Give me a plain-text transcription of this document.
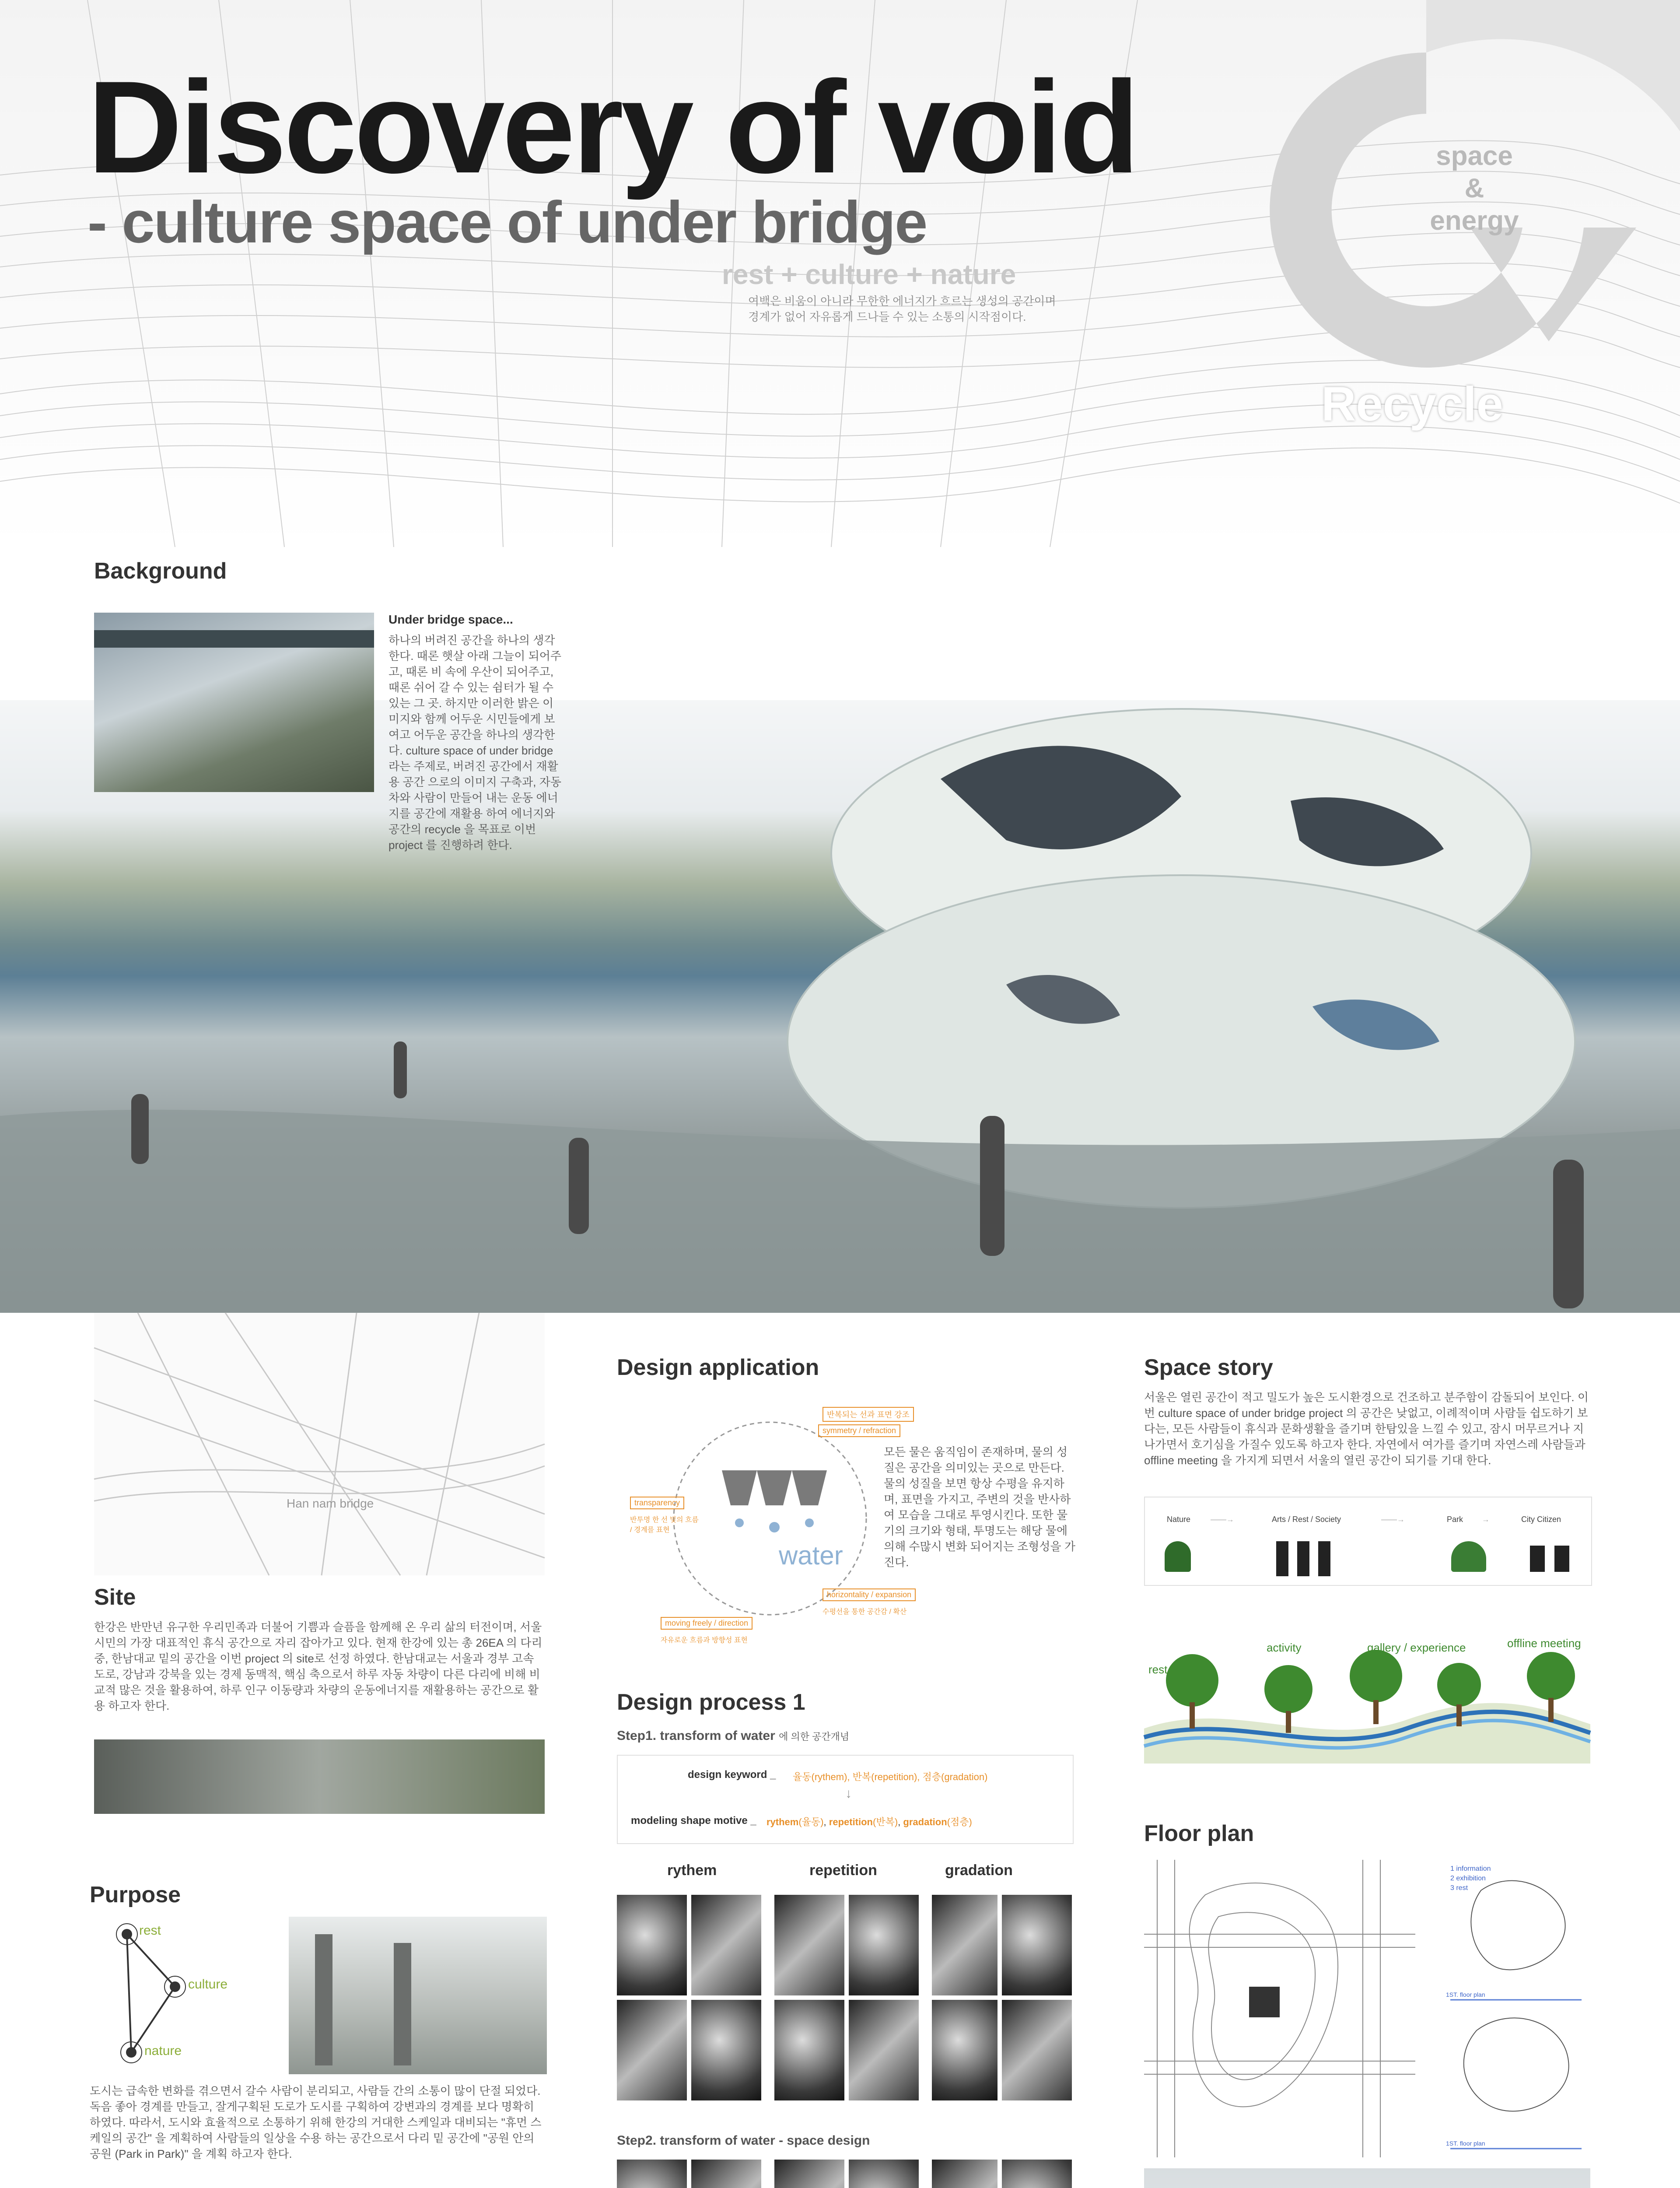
Discovery of void
- culture space of under bridge
rest + culture + nature
여백은 비움이 아니라 무한한 에너지가 흐르는 생성의 공간이며
경계가 없어 자유롭게 드나들 수 있는 소통의 시작점이다.
space
&
energy
Recycle
Background
Under bridge space...
하나의 버려진 공간을 하나의 생각한다. 때론 햇살 아래 그늘이 되어주고, 때론 비 속에 우산이 되어주고, 때론 쉬어 갈 수 있는 쉼터가 될 수 있는 그 곳. 하지만 이러한 밝은 이미지와 함께 어두운 시민들에게 보여고 어두운 공간을 하나의 생각한다. culture space of under bridge 라는 주제로, 버려진 공간에서 재활용 공간 으로의 이미지 구축과, 자동차와 사람이 만들어 내는 운동 에너지를 공간에 재활용 하여 에너지와 공간의 recycle 을 목표로 이번 project 를 진행하려 한다.
Han nam bridge
Site
한강은 반만년 유구한 우리민족과 더불어 기쁨과 슬픔을 함께해 온 우리 삶의 터전이며, 서울 시민의 가장 대표적인 휴식 공간으로 자리 잡아가고 있다. 현재 한강에 있는 총 26EA 의 다리중, 한남대교 밑의 공간을 이번 project 의 site로 선정 하였다. 한남대교는 서울과 경부 고속도로, 강남과 강북을 있는 경제 동맥적, 핵심 축으로서 하루 자동 차량이 다른 다리에 비해 비교적 많은 것을 활용하여, 하루 인구 이동량과 차량의 운동에너지를 재활용하는 공간으로 활용 하고자 한다.
Purpose
rest
culture
nature
도시는 급속한 변화를 겪으면서 갈수 사람이 분리되고, 사람들 간의 소통이 많이 단절 되었다. 독음 좋아 경계를 만들고, 잘게구획된 도로가 도시를 구획하여 강변과의 경계를 보다 명확히 하였다. 따라서, 도시와 효율적으로 소통하기 위해 한강의 거대한 스케일과 대비되는 "휴먼 스케일의 공간" 을 계획하여 사람들의 일상을 수용 하는 공간으로서 다리 밑 공간에 "공원 안의 공원 (Park in Park)" 을 계획 하고자 한다.
Design application
water
반복되는 선과 표면 강조
symmetry / refraction
transparency
반투명 한 선 빛의 흐름 / 경계를 표현
horizontality / expansion
moving freely / direction
수평선을 통한 공간감 / 확산
자유로운 흐름과 방향성 표현
모든 물은 움직임이 존재하며, 물의 성질은 공간을 의미있는 곳으로 만든다. 물의 성질을 보면 항상 수평을 유지하며, 표면을 가지고, 주변의 것을 반사하여 모습을 그대로 투영시킨다. 또한 물기의 크기와 형태, 투명도는 해당 물에 의해 수많시 변화 되어지는 조형성을 가진다.
Design process 1
Step1. transform of water 에 의한 공간개념
design keyword _ 율동(rythem), 반복(repetition), 점층(gradation)
↓
modeling shape motive _ rythem(율동), repetition(반복), gradation(점층)
rythem	repetition	gradation
Step2. transform of water - space design
Space story
서울은 열린 공간이 적고 밀도가 높은 도시환경으로 건조하고 분주함이 감돌되어 보인다. 이번 culture space of under bridge project 의 공간은 낮없고, 이례적이며 사람들 쉽도하기 보다는, 모든 사람들이 휴식과 문화생활을 즐기며 한탐있을 느낄 수 있고, 잠시 머무르거나 지나가면서 호기심을 가질수 있도록 하고자 한다. 자연에서 여가를 즐기며 자연스레 사람들과 offline meeting 을 가지게 되면서 서울의 열린 공간이 되기를 기대 한다.
Nature	Arts / Rest / Society	Park	City Citizen
——→	——→	→
rest
activity	gallery / experience	offline meeting
Floor plan
1 information
2 exhibition
3 rest
1ST. floor plan
1ST. floor plan
